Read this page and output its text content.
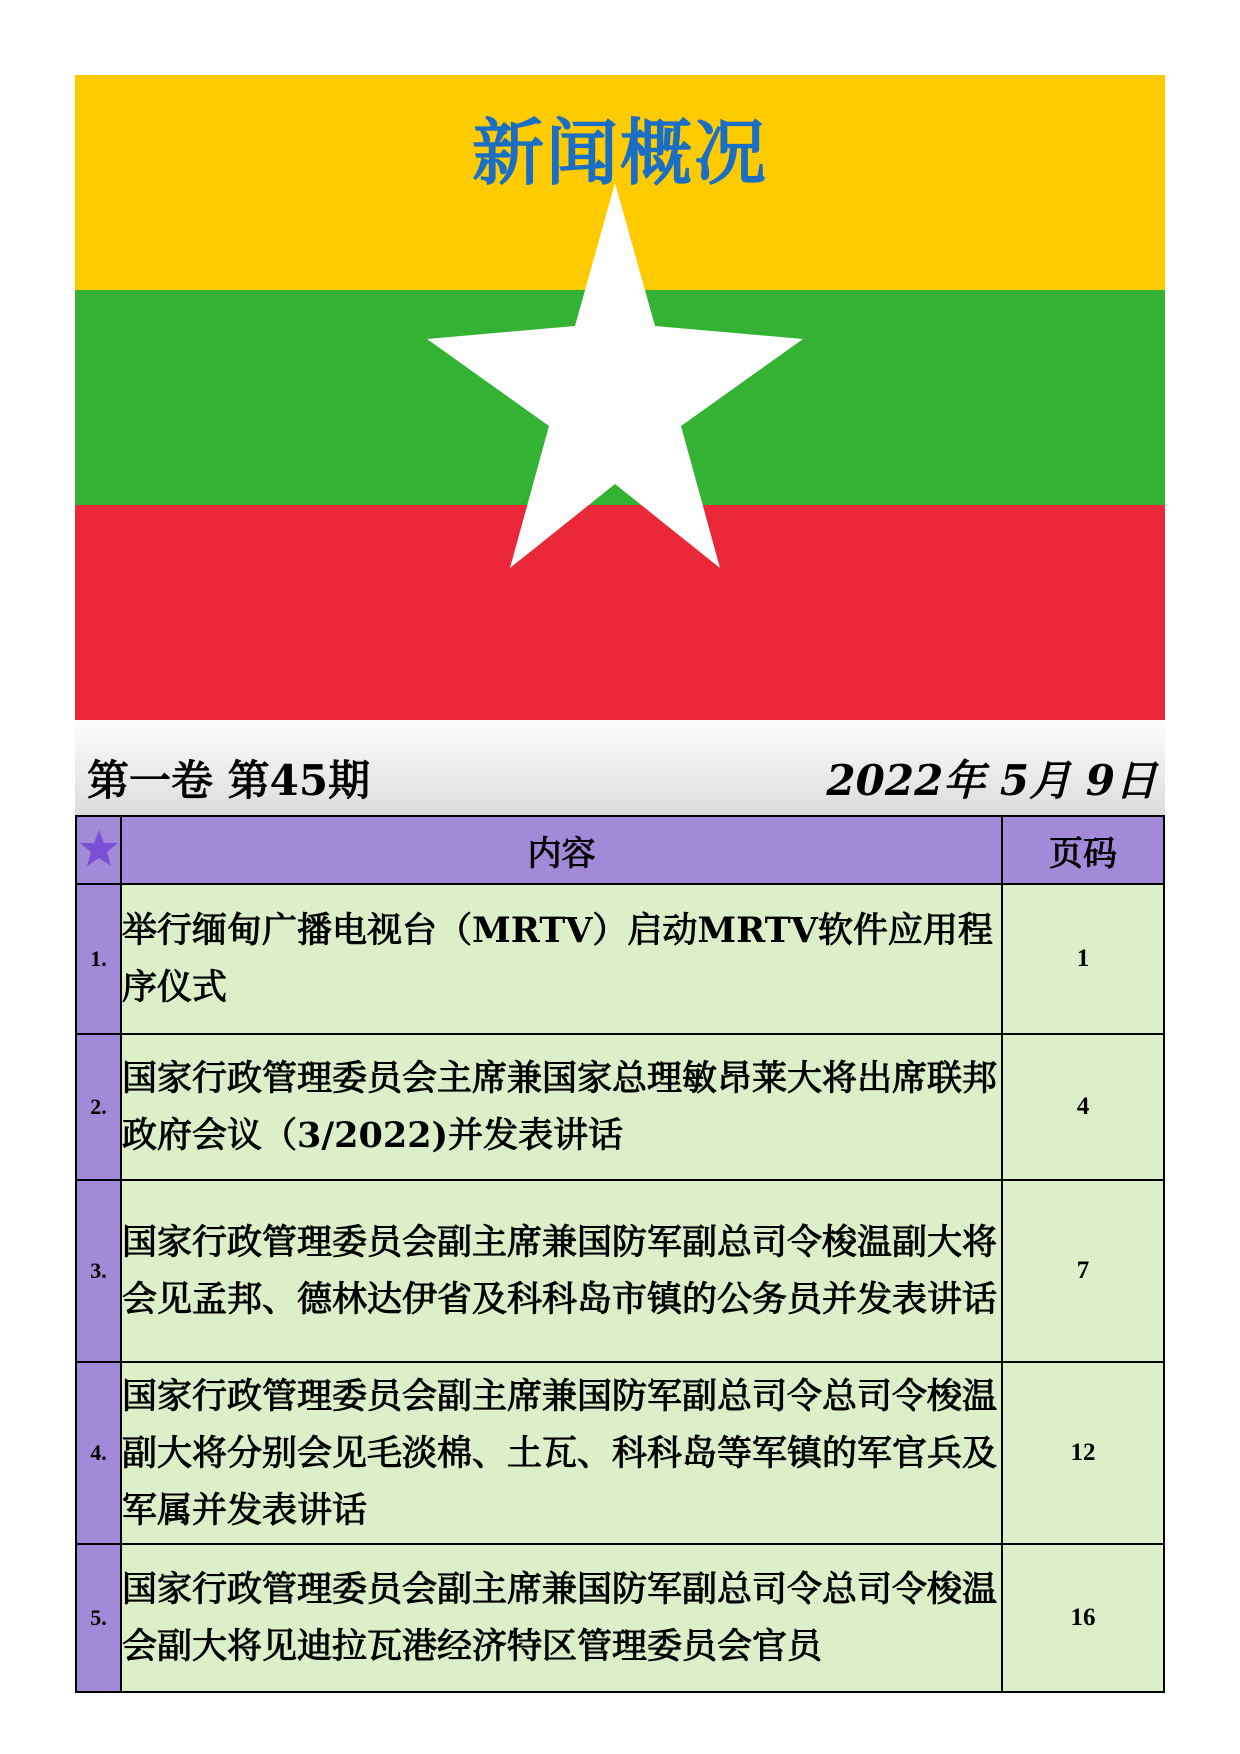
新闻概况
第一卷 第45期	2022年 5月 9日
	内容	页码
1.	举行缅甸广播电视台（MRTV）启动MRTV软件应用程序仪式	1
2.	国家行政管理委员会主席兼国家总理敏昂莱大将出席联邦政府会议（3/2022)并发表讲话	4
3.	国家行政管理委员会副主席兼国防军副总司令梭温副大将会见孟邦、德林达伊省及科科岛市镇的公务员并发表讲话	7
4.	国家行政管理委员会副主席兼国防军副总司令总司令梭温副大将分别会见毛淡棉、土瓦、科科岛等军镇的军官兵及军属并发表讲话	12
5.	国家行政管理委员会副主席兼国防军副总司令总司令梭温会副大将见迪拉瓦港经济特区管理委员会官员	16
